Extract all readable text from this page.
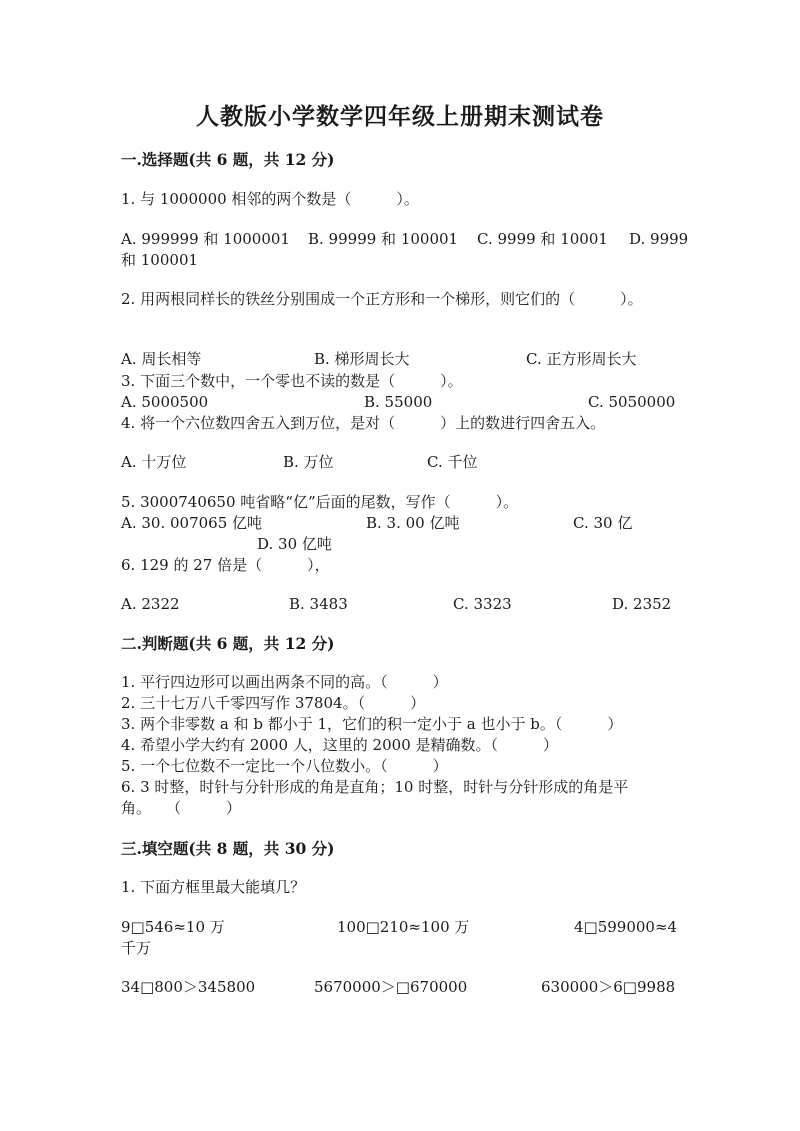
人教版小学数学四年级上册期末测试卷
一.选择题(共 6 题，共 12 分)
1. 与 1000000 相邻的两个数是（　　　）。
A. 999999 和 1000001 B. 99999 和 100001 C. 9999 和 10001 D. 9999
和 100001
2. 用两根同样长的铁丝分别围成一个正方形和一个梯形，则它们的（　　　）。
A. 周长相等	B. 梯形周长大	C. 正方形周长大
3. 下面三个数中，一个零也不读的数是（　　　）。
A. 5000500	B. 55000	C. 5050000
4. 将一个六位数四舍五入到万位，是对（　　　）上的数进行四舍五入。
A. 十万位	B. 万位	C. 千位
5. 3000740650 吨省略“亿”后面的尾数，写作（　　　）。
A. 30. 007065 亿吨	B. 3. 00 亿吨	C. 30 亿
D. 30 亿吨
6. 129 的 27 倍是（　　　），
A. 2322	B. 3483	C. 3323	D. 2352
二.判断题(共 6 题，共 12 分)
1. 平行四边形可以画出两条不同的高。（　　　）
2. 三十七万八千零四写作 37804。（　　　）
3. 两个非零数 a 和 b 都小于 1，它们的积一定小于 a 也小于 b。（　　　）
4. 希望小学大约有 2000 人，这里的 2000 是精确数。（　　　）
5. 一个七位数不一定比一个八位数小。（　　　）
6. 3 时整，时针与分针形成的角是直角；10 时整，时针与分针形成的角是平
角。　　（　　　）
三.填空题(共 8 题，共 30 分)
1. 下面方框里最大能填几？
9□546≈10 万	100□210≈100 万	4□599000≈4
千万
34□800＞345800	5670000＞□670000	630000＞6□9988
